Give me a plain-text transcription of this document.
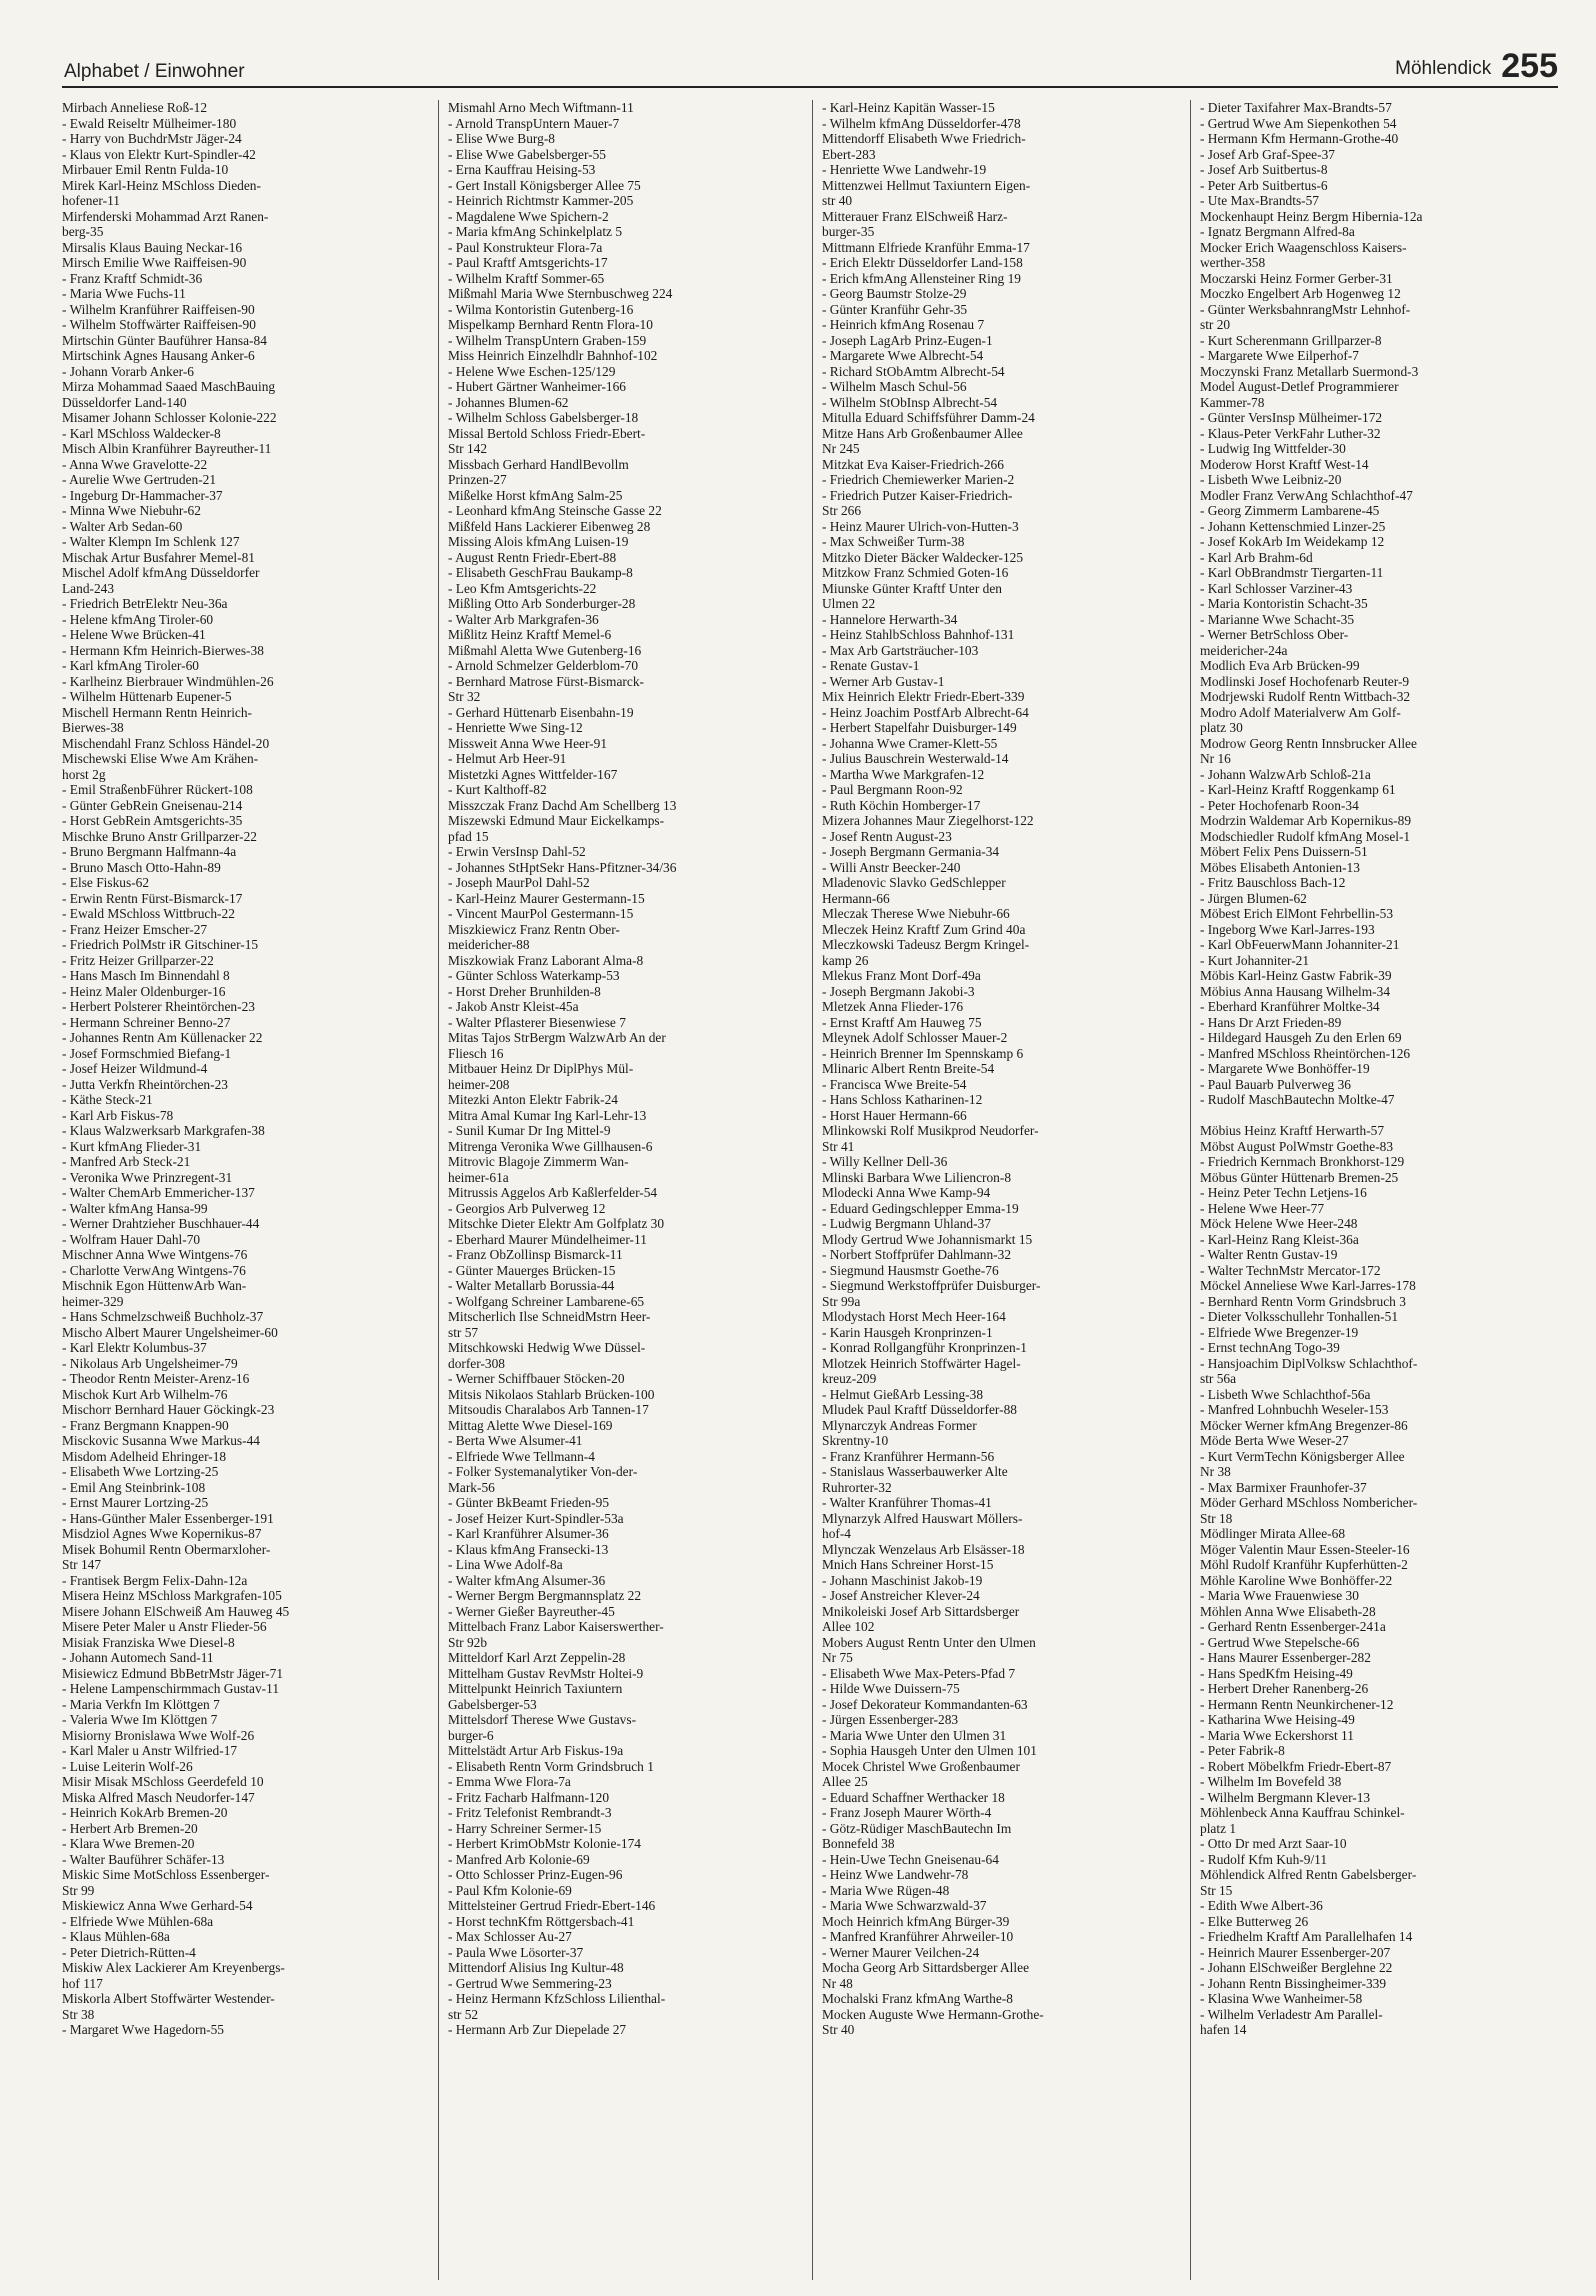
Alphabet / Einwohner	Möhlendick 255
Mirbach Anneliese Roß-12
- Ewald Reiseltr Mülheimer-180
- Harry von BuchdrMstr Jäger-24
- Klaus von Elektr Kurt-Spindler-42
Mirbauer Emil Rentn Fulda-10
Mirek Karl-Heinz MSchloss Dieden-
hofener-11
Mirfenderski Mohammad Arzt Ranen-
berg-35
Mirsalis Klaus Bauing Neckar-16
Mirsch Emilie Wwe Raiffeisen-90
- Franz Kraftf Schmidt-36
- Maria Wwe Fuchs-11
- Wilhelm Kranführer Raiffeisen-90
- Wilhelm Stoffwärter Raiffeisen-90
Mirtschin Günter Bauführer Hansa-84
Mirtschink Agnes Hausang Anker-6
- Johann Vorarb Anker-6
Mirza Mohammad Saaed MaschBauing
Düsseldorfer Land-140
Misamer Johann Schlosser Kolonie-222
- Karl MSchloss Waldecker-8
Misch Albin Kranführer Bayreuther-11
- Anna Wwe Gravelotte-22
- Aurelie Wwe Gertruden-21
- Ingeburg Dr-Hammacher-37
- Minna Wwe Niebuhr-62
- Walter Arb Sedan-60
- Walter Klempn Im Schlenk 127
Mischak Artur Busfahrer Memel-81
Mischel Adolf kfmAng Düsseldorfer
Land-243
- Friedrich BetrElektr Neu-36a
- Helene kfmAng Tiroler-60
- Helene Wwe Brücken-41
- Hermann Kfm Heinrich-Bierwes-38
- Karl kfmAng Tiroler-60
- Karlheinz Bierbrauer Windmühlen-26
- Wilhelm Hüttenarb Eupener-5
Mischell Hermann Rentn Heinrich-
Bierwes-38
Mischendahl Franz Schloss Händel-20
Mischewski Elise Wwe Am Krähen-
horst 2g
- Emil StraßenbFührer Rückert-108
- Günter GebRein Gneisenau-214
- Horst GebRein Amtsgerichts-35
Mischke Bruno Anstr Grillparzer-22
- Bruno Bergmann Halfmann-4a
- Bruno Masch Otto-Hahn-89
- Else Fiskus-62
- Erwin Rentn Fürst-Bismarck-17
- Ewald MSchloss Wittbruch-22
- Franz Heizer Emscher-27
- Friedrich PolMstr iR Gitschiner-15
- Fritz Heizer Grillparzer-22
- Hans Masch Im Binnendahl 8
- Heinz Maler Oldenburger-16
- Herbert Polsterer Rheintörchen-23
- Hermann Schreiner Benno-27
- Johannes Rentn Am Küllenacker 22
- Josef Formschmied Biefang-1
- Josef Heizer Wildmund-4
- Jutta Verkfn Rheintörchen-23
- Käthe Steck-21
- Karl Arb Fiskus-78
- Klaus Walzwerksarb Markgrafen-38
- Kurt kfmAng Flieder-31
- Manfred Arb Steck-21
- Veronika Wwe Prinzregent-31
- Walter ChemArb Emmericher-137
- Walter kfmAng Hansa-99
- Werner Drahtzieher Buschhauer-44
- Wolfram Hauer Dahl-70
Mischner Anna Wwe Wintgens-76
- Charlotte VerwAng Wintgens-76
Mischnik Egon HüttenwArb Wan-
heimer-329
- Hans Schmelzschweiß Buchholz-37
Mischo Albert Maurer Ungelsheimer-60
- Karl Elektr Kolumbus-37
- Nikolaus Arb Ungelsheimer-79
- Theodor Rentn Meister-Arenz-16
Mischok Kurt Arb Wilhelm-76
Mischorr Bernhard Hauer Göckingk-23
- Franz Bergmann Knappen-90
Misckovic Susanna Wwe Markus-44
Misdom Adelheid Ehringer-18
- Elisabeth Wwe Lortzing-25
- Emil Ang Steinbrink-108
- Ernst Maurer Lortzing-25
- Hans-Günther Maler Essenberger-191
Misdziol Agnes Wwe Kopernikus-87
Misek Bohumil Rentn Obermarxloher-
Str 147
- Frantisek Bergm Felix-Dahn-12a
Misera Heinz MSchloss Markgrafen-105
Misere Johann ElSchweiß Am Hauweg 45
Misere Peter Maler u Anstr Flieder-56
Misiak Franziska Wwe Diesel-8
- Johann Automech Sand-11
Misiewicz Edmund BbBetrMstr Jäger-71
- Helene Lampenschirmmach Gustav-11
- Maria Verkfn Im Klöttgen 7
- Valeria Wwe Im Klöttgen 7
Misiorny Bronislawa Wwe Wolf-26
- Karl Maler u Anstr Wilfried-17
- Luise Leiterin Wolf-26
Misir Misak MSchloss Geerdefeld 10
Miska Alfred Masch Neudorfer-147
- Heinrich KokArb Bremen-20
- Herbert Arb Bremen-20
- Klara Wwe Bremen-20
- Walter Bauführer Schäfer-13
Miskic Sime MotSchloss Essenberger-
Str 99
Miskiewicz Anna Wwe Gerhard-54
- Elfriede Wwe Mühlen-68a
- Klaus Mühlen-68a
- Peter Dietrich-Rütten-4
Miskiw Alex Lackierer Am Kreyenbergs-
hof 117
Miskorla Albert Stoffwärter Westender-
Str 38
- Margaret Wwe Hagedorn-55
Mismahl Arno Mech Wiftmann-11
- Arnold TranspUntern Mauer-7
- Elise Wwe Burg-8
- Elise Wwe Gabelsberger-55
- Erna Kauffrau Heising-53
- Gert Install Königsberger Allee 75
- Heinrich Richtmstr Kammer-205
- Magdalene Wwe Spichern-2
- Maria kfmAng Schinkelplatz 5
- Paul Konstrukteur Flora-7a
- Paul Kraftf Amtsgerichts-17
- Wilhelm Kraftf Sommer-65
Mißmahl Maria Wwe Sternbuschweg 224
- Wilma Kontoristin Gutenberg-16
Mispelkamp Bernhard Rentn Flora-10
- Wilhelm TranspUntern Graben-159
Miss Heinrich Einzelhdlr Bahnhof-102
- Helene Wwe Eschen-125/129
- Hubert Gärtner Wanheimer-166
- Johannes Blumen-62
- Wilhelm Schloss Gabelsberger-18
Missal Bertold Schloss Friedr-Ebert-
Str 142
Missbach Gerhard HandlBevollm
Prinzen-27
Mißelke Horst kfmAng Salm-25
- Leonhard kfmAng Steinsche Gasse 22
Mißfeld Hans Lackierer Eibenweg 28
Missing Alois kfmAng Luisen-19
- August Rentn Friedr-Ebert-88
- Elisabeth GeschFrau Baukamp-8
- Leo Kfm Amtsgerichts-22
Mißling Otto Arb Sonderburger-28
- Walter Arb Markgrafen-36
Mißlitz Heinz Kraftf Memel-6
Mißmahl Aletta Wwe Gutenberg-16
- Arnold Schmelzer Gelderblom-70
- Bernhard Matrose Fürst-Bismarck-
Str 32
- Gerhard Hüttenarb Eisenbahn-19
- Henriette Wwe Sing-12
Missweit Anna Wwe Heer-91
- Helmut Arb Heer-91
Mistetzki Agnes Wittfelder-167
- Kurt Kalthoff-82
Misszczak Franz Dachd Am Schellberg 13
Miszewski Edmund Maur Eickelkamps-
pfad 15
- Erwin VersInsp Dahl-52
- Johannes StHptSekr Hans-Pfitzner-34/36
- Joseph MaurPol Dahl-52
- Karl-Heinz Maurer Gestermann-15
- Vincent MaurPol Gestermann-15
Miszkiewicz Franz Rentn Ober-
meidericher-88
Miszkowiak Franz Laborant Alma-8
- Günter Schloss Waterkamp-53
- Horst Dreher Brunhilden-8
- Jakob Anstr Kleist-45a
- Walter Pflasterer Biesenwiese 7
Mitas Tajos StrBergm WalzwArb An der
Fliesch 16
Mitbauer Heinz Dr DiplPhys Mül-
heimer-208
Mitezki Anton Elektr Fabrik-24
Mitra Amal Kumar Ing Karl-Lehr-13
- Sunil Kumar Dr Ing Mittel-9
Mitrenga Veronika Wwe Gillhausen-6
Mitrovic Blagoje Zimmerm Wan-
heimer-61a
Mitrussis Aggelos Arb Kaßlerfelder-54
- Georgios Arb Pulverweg 12
Mitschke Dieter Elektr Am Golfplatz 30
- Eberhard Maurer Mündelheimer-11
- Franz ObZollinsp Bismarck-11
- Günter Mauerges Brücken-15
- Walter Metallarb Borussia-44
- Wolfgang Schreiner Lambarene-65
Mitscherlich Ilse SchneidMstrn Heer-
str 57
Mitschkowski Hedwig Wwe Düssel-
dorfer-308
- Werner Schiffbauer Stöcken-20
Mitsis Nikolaos Stahlarb Brücken-100
Mitsoudis Charalabos Arb Tannen-17
Mittag Alette Wwe Diesel-169
- Berta Wwe Alsumer-41
- Elfriede Wwe Tellmann-4
- Folker Systemanalytiker Von-der-
Mark-56
- Günter BkBeamt Frieden-95
- Josef Heizer Kurt-Spindler-53a
- Karl Kranführer Alsumer-36
- Klaus kfmAng Fransecki-13
- Lina Wwe Adolf-8a
- Walter kfmAng Alsumer-36
- Werner Bergm Bergmannsplatz 22
- Werner Gießer Bayreuther-45
Mittelbach Franz Labor Kaiserswerther-
Str 92b
Mitteldorf Karl Arzt Zeppelin-28
Mittelham Gustav RevMstr Holtei-9
Mittelpunkt Heinrich Taxiuntern
Gabelsberger-53
Mittelsdorf Therese Wwe Gustavs-
burger-6
Mittelstädt Artur Arb Fiskus-19a
- Elisabeth Rentn Vorm Grindsbruch 1
- Emma Wwe Flora-7a
- Fritz Facharb Halfmann-120
- Fritz Telefonist Rembrandt-3
- Harry Schreiner Sermer-15
- Herbert KrimObMstr Kolonie-174
- Manfred Arb Kolonie-69
- Otto Schlosser Prinz-Eugen-96
- Paul Kfm Kolonie-69
Mittelsteiner Gertrud Friedr-Ebert-146
- Horst technKfm Röttgersbach-41
- Max Schlosser Au-27
- Paula Wwe Lösorter-37
Mittendorf Alisius Ing Kultur-48
- Gertrud Wwe Semmering-23
- Heinz Hermann KfzSchloss Lilienthal-
str 52
- Hermann Arb Zur Diepelade 27
- Karl-Heinz Kapitän Wasser-15
- Wilhelm kfmAng Düsseldorfer-478
Mittendorff Elisabeth Wwe Friedrich-
Ebert-283
- Henriette Wwe Landwehr-19
Mittenzwei Hellmut Taxiuntern Eigen-
str 40
Mitterauer Franz ElSchweiß Harz-
burger-35
Mittmann Elfriede Kranführ Emma-17
- Erich Elektr Düsseldorfer Land-158
- Erich kfmAng Allensteiner Ring 19
- Georg Baumstr Stolze-29
- Günter Kranführ Gehr-35
- Heinrich kfmAng Rosenau 7
- Joseph LagArb Prinz-Eugen-1
- Margarete Wwe Albrecht-54
- Richard StObAmtm Albrecht-54
- Wilhelm Masch Schul-56
- Wilhelm StObInsp Albrecht-54
Mitulla Eduard Schiffsführer Damm-24
Mitze Hans Arb Großenbaumer Allee
Nr 245
Mitzkat Eva Kaiser-Friedrich-266
- Friedrich Chemiewerker Marien-2
- Friedrich Putzer Kaiser-Friedrich-
Str 266
- Heinz Maurer Ulrich-von-Hutten-3
- Max Schweißer Turm-38
Mitzko Dieter Bäcker Waldecker-125
Mitzkow Franz Schmied Goten-16
Miunske Günter Kraftf Unter den
Ulmen 22
- Hannelore Herwarth-34
- Heinz StahlbSchloss Bahnhof-131
- Max Arb Gartsträucher-103
- Renate Gustav-1
- Werner Arb Gustav-1
Mix Heinrich Elektr Friedr-Ebert-339
- Heinz Joachim PostfArb Albrecht-64
- Herbert Stapelfahr Duisburger-149
- Johanna Wwe Cramer-Klett-55
- Julius Bauschrein Westerwald-14
- Martha Wwe Markgrafen-12
- Paul Bergmann Roon-92
- Ruth Köchin Homberger-17
Mizera Johannes Maur Ziegelhorst-122
- Josef Rentn August-23
- Joseph Bergmann Germania-34
- Willi Anstr Beecker-240
Mladenovic Slavko GedSchlepper
Hermann-66
Mleczak Therese Wwe Niebuhr-66
Mleczek Heinz Kraftf Zum Grind 40a
Mleczkowski Tadeusz Bergm Kringel-
kamp 26
Mlekus Franz Mont Dorf-49a
- Joseph Bergmann Jakobi-3
Mletzek Anna Flieder-176
- Ernst Kraftf Am Hauweg 75
Mleynek Adolf Schlosser Mauer-2
- Heinrich Brenner Im Spennskamp 6
Mlinaric Albert Rentn Breite-54
- Francisca Wwe Breite-54
- Hans Schloss Katharinen-12
- Horst Hauer Hermann-66
Mlinkowski Rolf Musikprod Neudorfer-
Str 41
- Willy Kellner Dell-36
Mlinski Barbara Wwe Liliencron-8
Mlodecki Anna Wwe Kamp-94
- Eduard Gedingschlepper Emma-19
- Ludwig Bergmann Uhland-37
Mlody Gertrud Wwe Johannismarkt 15
- Norbert Stoffprüfer Dahlmann-32
- Siegmund Hausmstr Goethe-76
- Siegmund Werkstoffprüfer Duisburger-
Str 99a
Mlodystach Horst Mech Heer-164
- Karin Hausgeh Kronprinzen-1
- Konrad Rollgangführ Kronprinzen-1
Mlotzek Heinrich Stoffwärter Hagel-
kreuz-209
- Helmut GießArb Lessing-38
Mludek Paul Kraftf Düsseldorfer-88
Mlynarczyk Andreas Former
Skrentny-10
- Franz Kranführer Hermann-56
- Stanislaus Wasserbauwerker Alte
Ruhrorter-32
- Walter Kranführer Thomas-41
Mlynarzyk Alfred Hauswart Möllers-
hof-4
Mlynczak Wenzelaus Arb Elsässer-18
Mnich Hans Schreiner Horst-15
- Johann Maschinist Jakob-19
- Josef Anstreicher Klever-24
Mnikoleiski Josef Arb Sittardsberger
Allee 102
Mobers August Rentn Unter den Ulmen
Nr 75
- Elisabeth Wwe Max-Peters-Pfad 7
- Hilde Wwe Duissern-75
- Josef Dekorateur Kommandanten-63
- Jürgen Essenberger-283
- Maria Wwe Unter den Ulmen 31
- Sophia Hausgeh Unter den Ulmen 101
Mocek Christel Wwe Großenbaumer
Allee 25
- Eduard Schaffner Werthacker 18
- Franz Joseph Maurer Wörth-4
- Götz-Rüdiger MaschBautechn Im
Bonnefeld 38
- Hein-Uwe Techn Gneisenau-64
- Heinz Wwe Landwehr-78
- Maria Wwe Rügen-48
- Maria Wwe Schwarzwald-37
Moch Heinrich kfmAng Bürger-39
- Manfred Kranführer Ahrweiler-10
- Werner Maurer Veilchen-24
Mocha Georg Arb Sittardsberger Allee
Nr 48
Mochalski Franz kfmAng Warthe-8
Mocken Auguste Wwe Hermann-Grothe-
Str 40
- Dieter Taxifahrer Max-Brandts-57
- Gertrud Wwe Am Siepenkothen 54
- Hermann Kfm Hermann-Grothe-40
- Josef Arb Graf-Spee-37
- Josef Arb Suitbertus-8
- Peter Arb Suitbertus-6
- Ute Max-Brandts-57
Mockenhaupt Heinz Bergm Hibernia-12a
- Ignatz Bergmann Alfred-8a
Mocker Erich Waagenschloss Kaisers-
werther-358
Moczarski Heinz Former Gerber-31
Moczko Engelbert Arb Hogenweg 12
- Günter WerksbahnrangMstr Lehnhof-
str 20
- Kurt Scherenmann Grillparzer-8
- Margarete Wwe Eilperhof-7
Moczynski Franz Metallarb Suermond-3
Model August-Detlef Programmierer
Kammer-78
- Günter VersInsp Mülheimer-172
- Klaus-Peter VerkFahr Luther-32
- Ludwig Ing Wittfelder-30
Moderow Horst Kraftf West-14
- Lisbeth Wwe Leibniz-20
Modler Franz VerwAng Schlachthof-47
- Georg Zimmerm Lambarene-45
- Johann Kettenschmied Linzer-25
- Josef KokArb Im Weidekamp 12
- Karl Arb Brahm-6d
- Karl ObBrandmstr Tiergarten-11
- Karl Schlosser Varziner-43
- Maria Kontoristin Schacht-35
- Marianne Wwe Schacht-35
- Werner BetrSchloss Ober-
meidericher-24a
Modlich Eva Arb Brücken-99
Modlinski Josef Hochofenarb Reuter-9
Modrjewski Rudolf Rentn Wittbach-32
Modro Adolf Materialverw Am Golf-
platz 30
Modrow Georg Rentn Innsbrucker Allee
Nr 16
- Johann WalzwArb Schloß-21a
- Karl-Heinz Kraftf Roggenkamp 61
- Peter Hochofenarb Roon-34
Modrzin Waldemar Arb Kopernikus-89
Modschiedler Rudolf kfmAng Mosel-1
Möbert Felix Pens Duissern-51
Möbes Elisabeth Antonien-13
- Fritz Bauschloss Bach-12
- Jürgen Blumen-62
Möbest Erich ElMont Fehrbellin-53
- Ingeborg Wwe Karl-Jarres-193
- Karl ObFeuerwMann Johanniter-21
- Kurt Johanniter-21
Möbis Karl-Heinz Gastw Fabrik-39
Möbius Anna Hausang Wilhelm-34
- Eberhard Kranführer Moltke-34
- Hans Dr Arzt Frieden-89
- Hildegard Hausgeh Zu den Erlen 69
- Manfred MSchloss Rheintörchen-126
- Margarete Wwe Bonhöffer-19
- Paul Bauarb Pulverweg 36
- Rudolf MaschBautechn Moltke-47

Möbius Heinz Kraftf Herwarth-57
Möbst August PolWmstr Goethe-83
- Friedrich Kernmach Bronkhorst-129
Möbus Günter Hüttenarb Bremen-25
- Heinz Peter Techn Letjens-16
- Helene Wwe Heer-77
Möck Helene Wwe Heer-248
- Karl-Heinz Rang Kleist-36a
- Walter Rentn Gustav-19
- Walter TechnMstr Mercator-172
Möckel Anneliese Wwe Karl-Jarres-178
- Bernhard Rentn Vorm Grindsbruch 3
- Dieter Volksschullehr Tonhallen-51
- Elfriede Wwe Bregenzer-19
- Ernst technAng Togo-39
- Hansjoachim DiplVolksw Schlachthof-
str 56a
- Lisbeth Wwe Schlachthof-56a
- Manfred Lohnbuchh Weseler-153
Möcker Werner kfmAng Bregenzer-86
Möde Berta Wwe Weser-27
- Kurt VermTechn Königsberger Allee
Nr 38
- Max Barmixer Fraunhofer-37
Möder Gerhard MSchloss Nombericher-
Str 18
Mödlinger Mirata Allee-68
Möger Valentin Maur Essen-Steeler-16
Möhl Rudolf Kranführ Kupferhütten-2
Möhle Karoline Wwe Bonhöffer-22
- Maria Wwe Frauenwiese 30
Möhlen Anna Wwe Elisabeth-28
- Gerhard Rentn Essenberger-241a
- Gertrud Wwe Stepelsche-66
- Hans Maurer Essenberger-282
- Hans SpedKfm Heising-49
- Herbert Dreher Ranenberg-26
- Hermann Rentn Neunkirchener-12
- Katharina Wwe Heising-49
- Maria Wwe Eckershorst 11
- Peter Fabrik-8
- Robert Möbelkfm Friedr-Ebert-87
- Wilhelm Im Bovefeld 38
- Wilhelm Bergmann Klever-13
Möhlenbeck Anna Kauffrau Schinkel-
platz 1
- Otto Dr med Arzt Saar-10
- Rudolf Kfm Kuh-9/11
Möhlendick Alfred Rentn Gabelsberger-
Str 15
- Edith Wwe Albert-36
- Elke Butterweg 26
- Friedhelm Kraftf Am Parallelhafen 14
- Heinrich Maurer Essenberger-207
- Johann ElSchweißer Berglehne 22
- Johann Rentn Bissingheimer-339
- Klasina Wwe Wanheimer-58
- Wilhelm Verladestr Am Parallel-
hafen 14
